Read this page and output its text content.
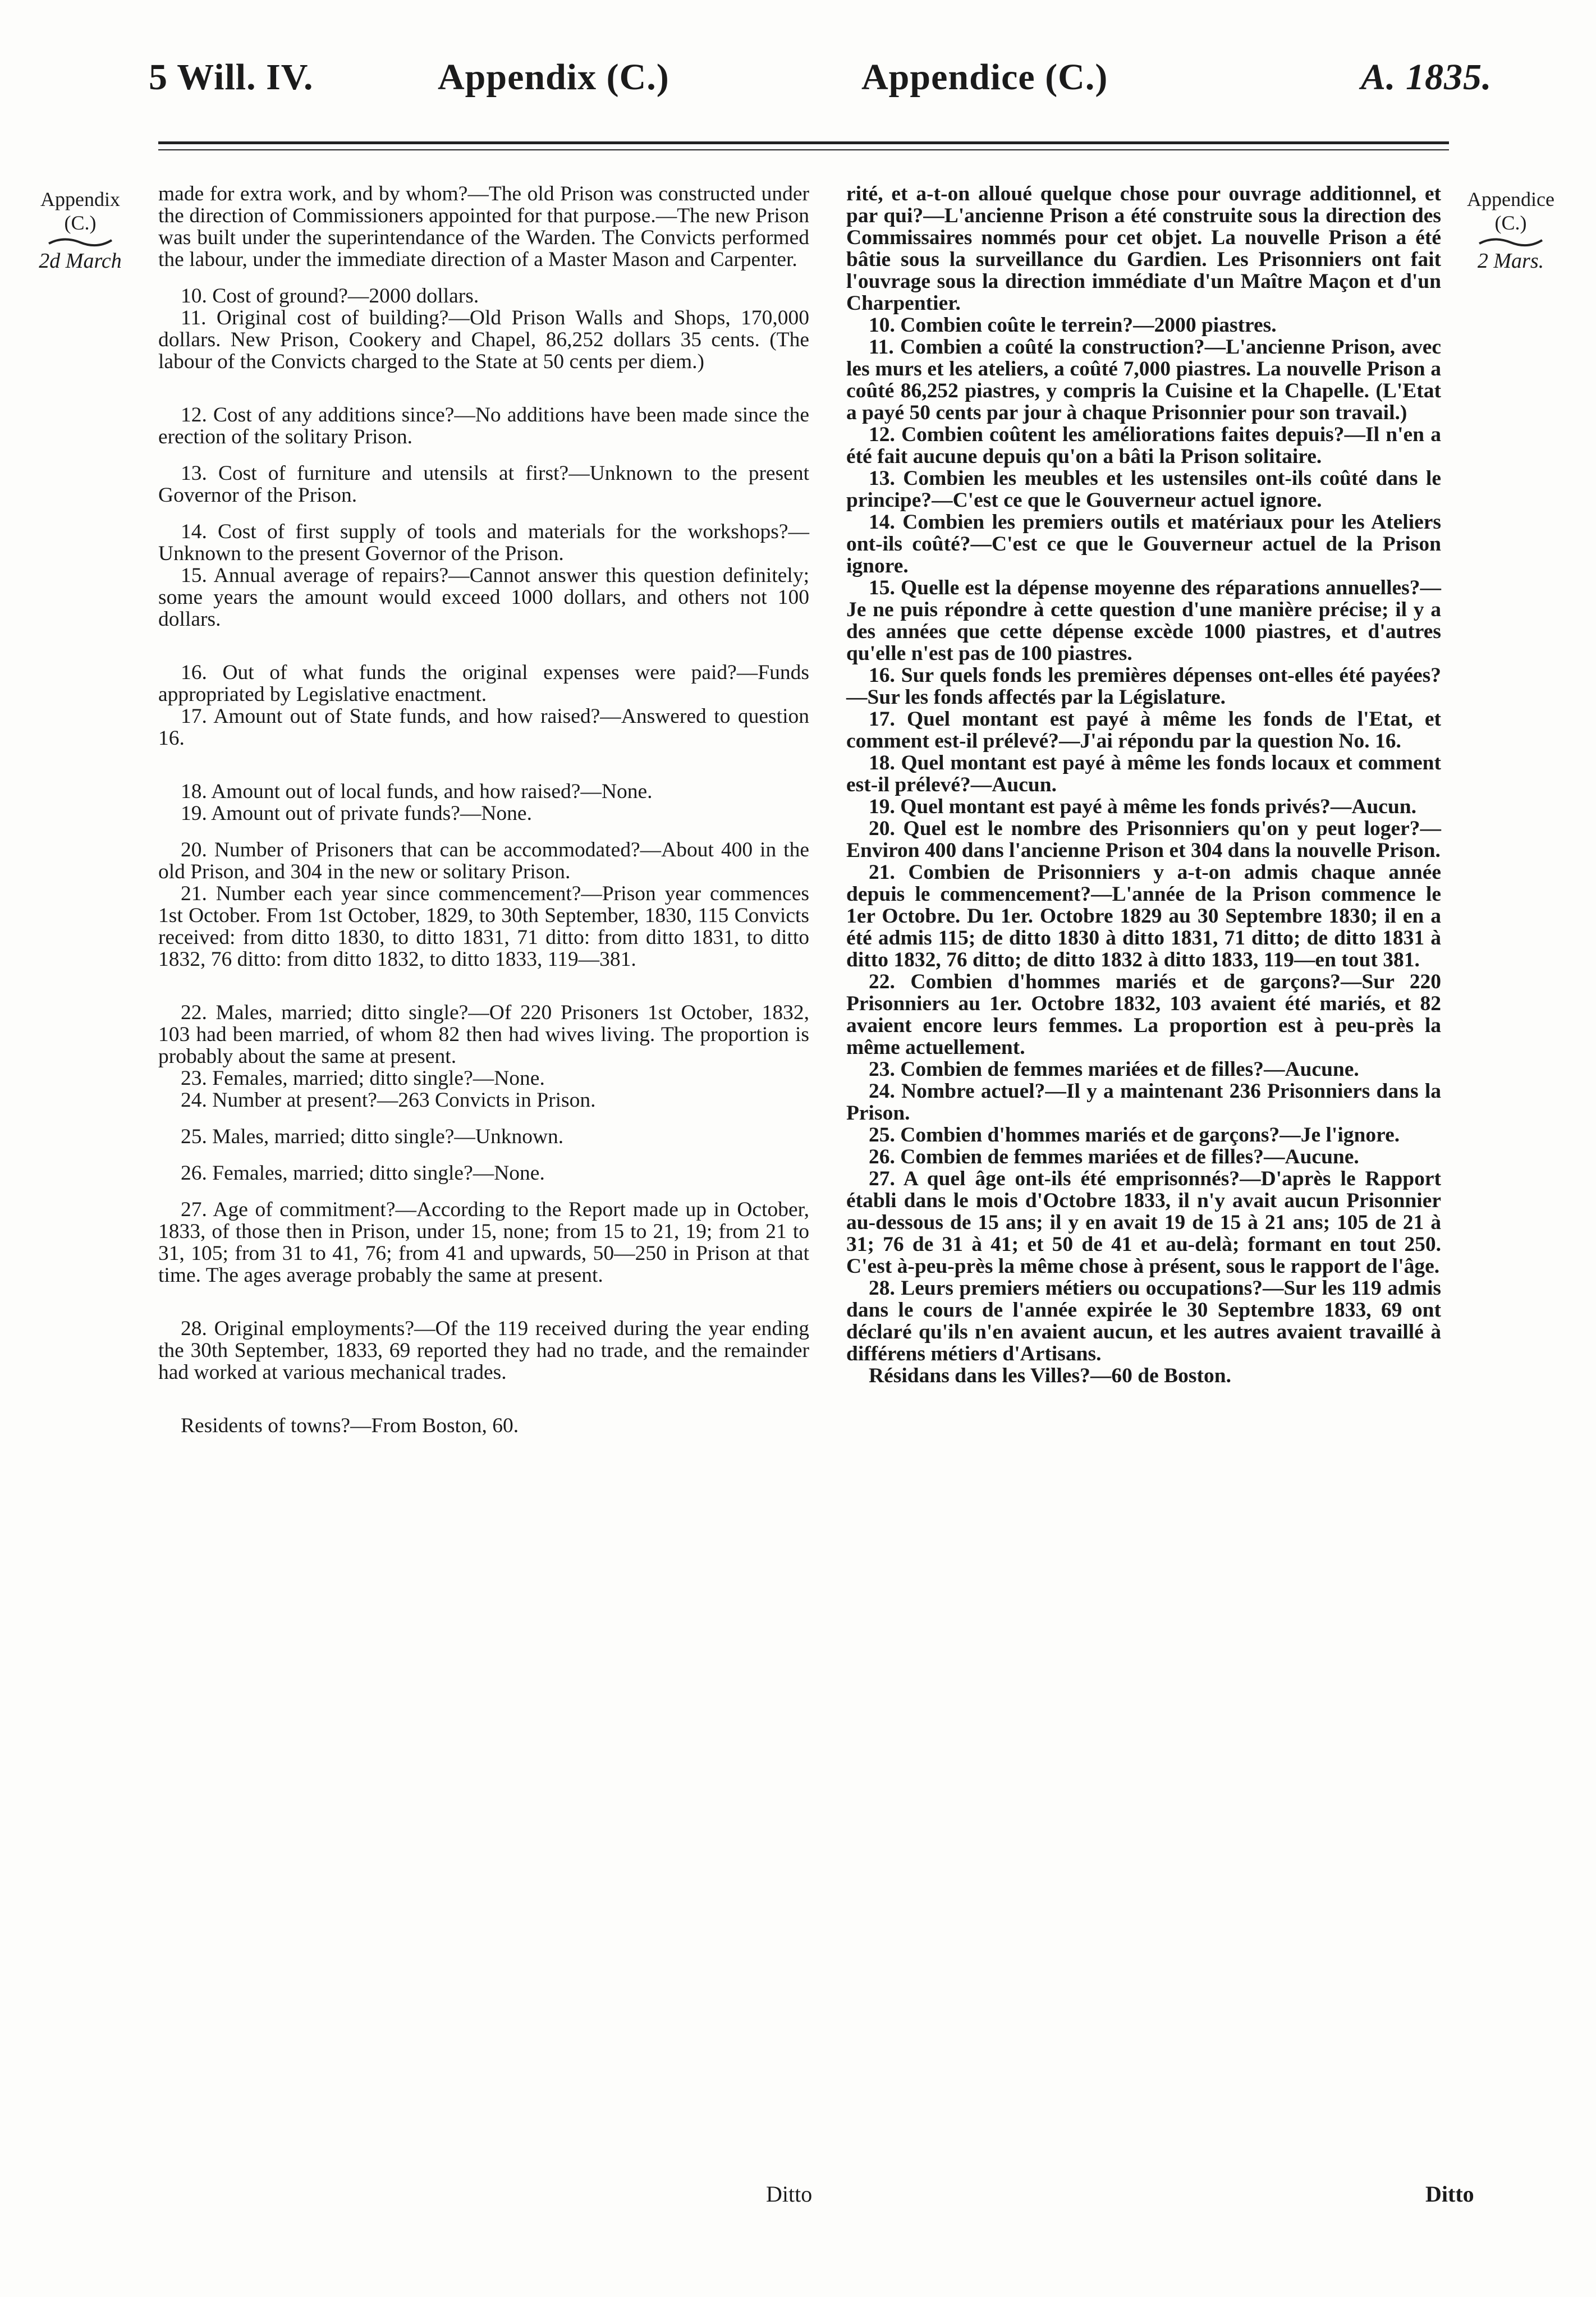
5 Will. IV.	Appendix (C.)	Appendice (C.)	A. 1835.
Appendix
(C.)
2d March
Appendice
(C.)
2 Mars.

made for extra work, and by whom?—The old Prison was constructed under the direction of Commissioners appointed for that purpose.—The new Prison was built under the superintendance of the Warden. The Convicts performed the labour, under the immediate direction of a Master Mason and Carpenter.

10. Cost of ground?—2000 dollars.

11. Original cost of building?—Old Prison Walls and Shops, 170,000 dollars. New Prison, Cookery and Chapel, 86,252 dollars 35 cents. (The labour of the Convicts charged to the State at 50 cents per diem.)

12. Cost of any additions since?—No additions have been made since the erection of the solitary Prison.

13. Cost of furniture and utensils at first?—Unknown to the present Governor of the Prison.

14. Cost of first supply of tools and materials for the workshops?—Unknown to the present Governor of the Prison.

15. Annual average of repairs?—Cannot answer this question definitely; some years the amount would exceed 1000 dollars, and others not 100 dollars.

16. Out of what funds the original expenses were paid?—Funds appropriated by Legislative enactment.

17. Amount out of State funds, and how raised?—Answered to question 16.

18. Amount out of local funds, and how raised?—None.

19. Amount out of private funds?—None.

20. Number of Prisoners that can be accommodated?—About 400 in the old Prison, and 304 in the new or solitary Prison.

21. Number each year since commencement?—Prison year commences 1st October. From 1st October, 1829, to 30th September, 1830, 115 Convicts received: from ditto 1830, to ditto 1831, 71 ditto: from ditto 1831, to ditto 1832, 76 ditto: from ditto 1832, to ditto 1833, 119—381.

22. Males, married; ditto single?—Of 220 Prisoners 1st October, 1832, 103 had been married, of whom 82 then had wives living. The proportion is probably about the same at present.

23. Females, married; ditto single?—None.

24. Number at present?—263 Convicts in Prison.

25. Males, married; ditto single?—Unknown.

26. Females, married; ditto single?—None.

27. Age of commitment?—According to the Report made up in October, 1833, of those then in Prison, under 15, none; from 15 to 21, 19; from 21 to 31, 105; from 31 to 41, 76; from 41 and upwards, 50—250 in Prison at that time. The ages average probably the same at present.

28. Original employments?—Of the 119 received during the year ending the 30th September, 1833, 69 reported they had no trade, and the remainder had worked at various mechanical trades.

Residents of towns?—From Boston, 60.

rité, et a-t-on alloué quelque chose pour ouvrage additionnel, et par qui?—L'ancienne Prison a été construite sous la direction des Commissaires nommés pour cet objet. La nouvelle Prison a été bâtie sous la surveillance du Gardien. Les Prisonniers ont fait l'ouvrage sous la direction immédiate d'un Maître Maçon et d'un Charpentier.

10. Combien coûte le terrein?—2000 piastres.

11. Combien a coûté la construction?—L'ancienne Prison, avec les murs et les ateliers, a coûté 7,000 piastres. La nouvelle Prison a coûté 86,252 piastres, y compris la Cuisine et la Chapelle. (L'Etat a payé 50 cents par jour à chaque Prisonnier pour son travail.)

12. Combien coûtent les améliorations faites depuis?—Il n'en a été fait aucune depuis qu'on a bâti la Prison solitaire.

13. Combien les meubles et les ustensiles ont-ils coûté dans le principe?—C'est ce que le Gouverneur actuel ignore.

14. Combien les premiers outils et matériaux pour les Ateliers ont-ils coûté?—C'est ce que le Gouverneur actuel de la Prison ignore.

15. Quelle est la dépense moyenne des réparations annuelles?—Je ne puis répondre à cette question d'une manière précise; il y a des années que cette dépense excède 1000 piastres, et d'autres qu'elle n'est pas de 100 piastres.

16. Sur quels fonds les premières dépenses ont-elles été payées?—Sur les fonds affectés par la Législature.

17. Quel montant est payé à même les fonds de l'Etat, et comment est-il prélevé?—J'ai répondu par la question No. 16.

18. Quel montant est payé à même les fonds locaux et comment est-il prélevé?—Aucun.

19. Quel montant est payé à même les fonds privés?—Aucun.

20. Quel est le nombre des Prisonniers qu'on y peut loger?—Environ 400 dans l'ancienne Prison et 304 dans la nouvelle Prison.

21. Combien de Prisonniers y a-t-on admis chaque année depuis le commencement?—L'année de la Prison commence le 1er Octobre. Du 1er. Octobre 1829 au 30 Septembre 1830; il en a été admis 115; de ditto 1830 à ditto 1831, 71 ditto; de ditto 1831 à ditto 1832, 76 ditto; de ditto 1832 à ditto 1833, 119—en tout 381.

22. Combien d'hommes mariés et de garçons?—Sur 220 Prisonniers au 1er. Octobre 1832, 103 avaient été mariés, et 82 avaient encore leurs femmes. La proportion est à peu-près la même actuellement.

23. Combien de femmes mariées et de filles?—Aucune.

24. Nombre actuel?—Il y a maintenant 236 Prisonniers dans la Prison.

25. Combien d'hommes mariés et de garçons?—Je l'ignore.

26. Combien de femmes mariées et de filles?—Aucune.

27. A quel âge ont-ils été emprisonnés?—D'après le Rapport établi dans le mois d'Octobre 1833, il n'y avait aucun Prisonnier au-dessous de 15 ans; il y en avait 19 de 15 à 21 ans; 105 de 21 à 31; 76 de 31 à 41; et 50 de 41 et au-delà; formant en tout 250. C'est à-peu-près la même chose à présent, sous le rapport de l'âge.

28. Leurs premiers métiers ou occupations?—Sur les 119 admis dans le cours de l'année expirée le 30 Septembre 1833, 69 ont déclaré qu'ils n'en avaient aucun, et les autres avaient travaillé à différens métiers d'Artisans.

Résidans dans les Villes?—60 de Boston.

Ditto	Ditto
